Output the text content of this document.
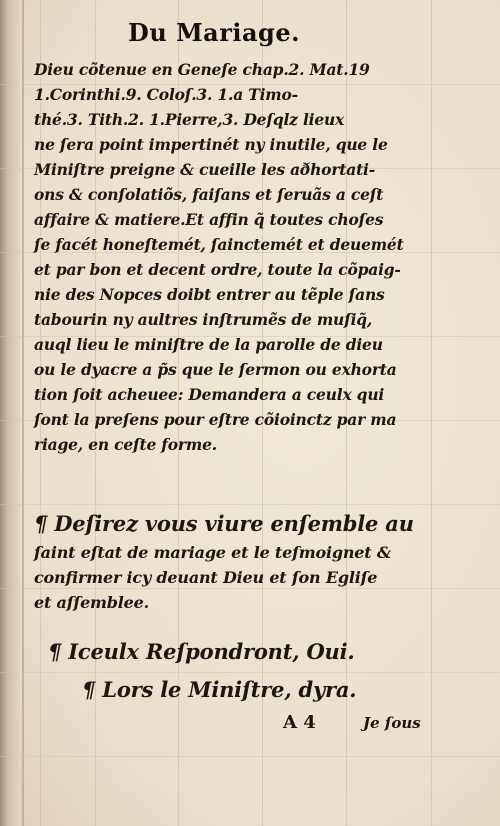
Du Mariage.
Dieu cõtenue en Geneſe chap.2. Mat.19
1.Corinthi.9. Coloſ.3. 1.a Timo-
thé.3. Tith.2. 1.Pierre,3. Deſqlz lieux
ne ſera point impertinét ny inutile, que le
Miniſtre preigne & cueille les aðhortati-
ons & conſolatiõs, faiſans et ſeruãs a ceſt
affaire & matiere.Et affin q̃ toutes choſes
ſe facét honeſtemét, ſainctemét et deuemét
et par bon et decent ordre, toute la cõpaig-
nie des Nopces doibt entrer au tẽple ſans
tabourin ny aultres inſtrumẽs de muſiq̃,
auql lieu le miniſtre de la parolle de dieu
ou le dyacre a p̃s que le ſermon ou exhorta
tion ſoit acheuee: Demandera a ceulx qui
ſont la preſens pour eſtre cõioinctz par ma
riage, en ceſte forme.
¶ Deſirez vous viure enſemble au
ſaint eſtat de mariage et le teſmoignet &
confirmer icy deuant Dieu et ſon Egliſe
et aſſemblee.
¶ Iceulx Reſpondront, Oui.
¶ Lors le Miniſtre, dyra.
A 4	Je ſous
